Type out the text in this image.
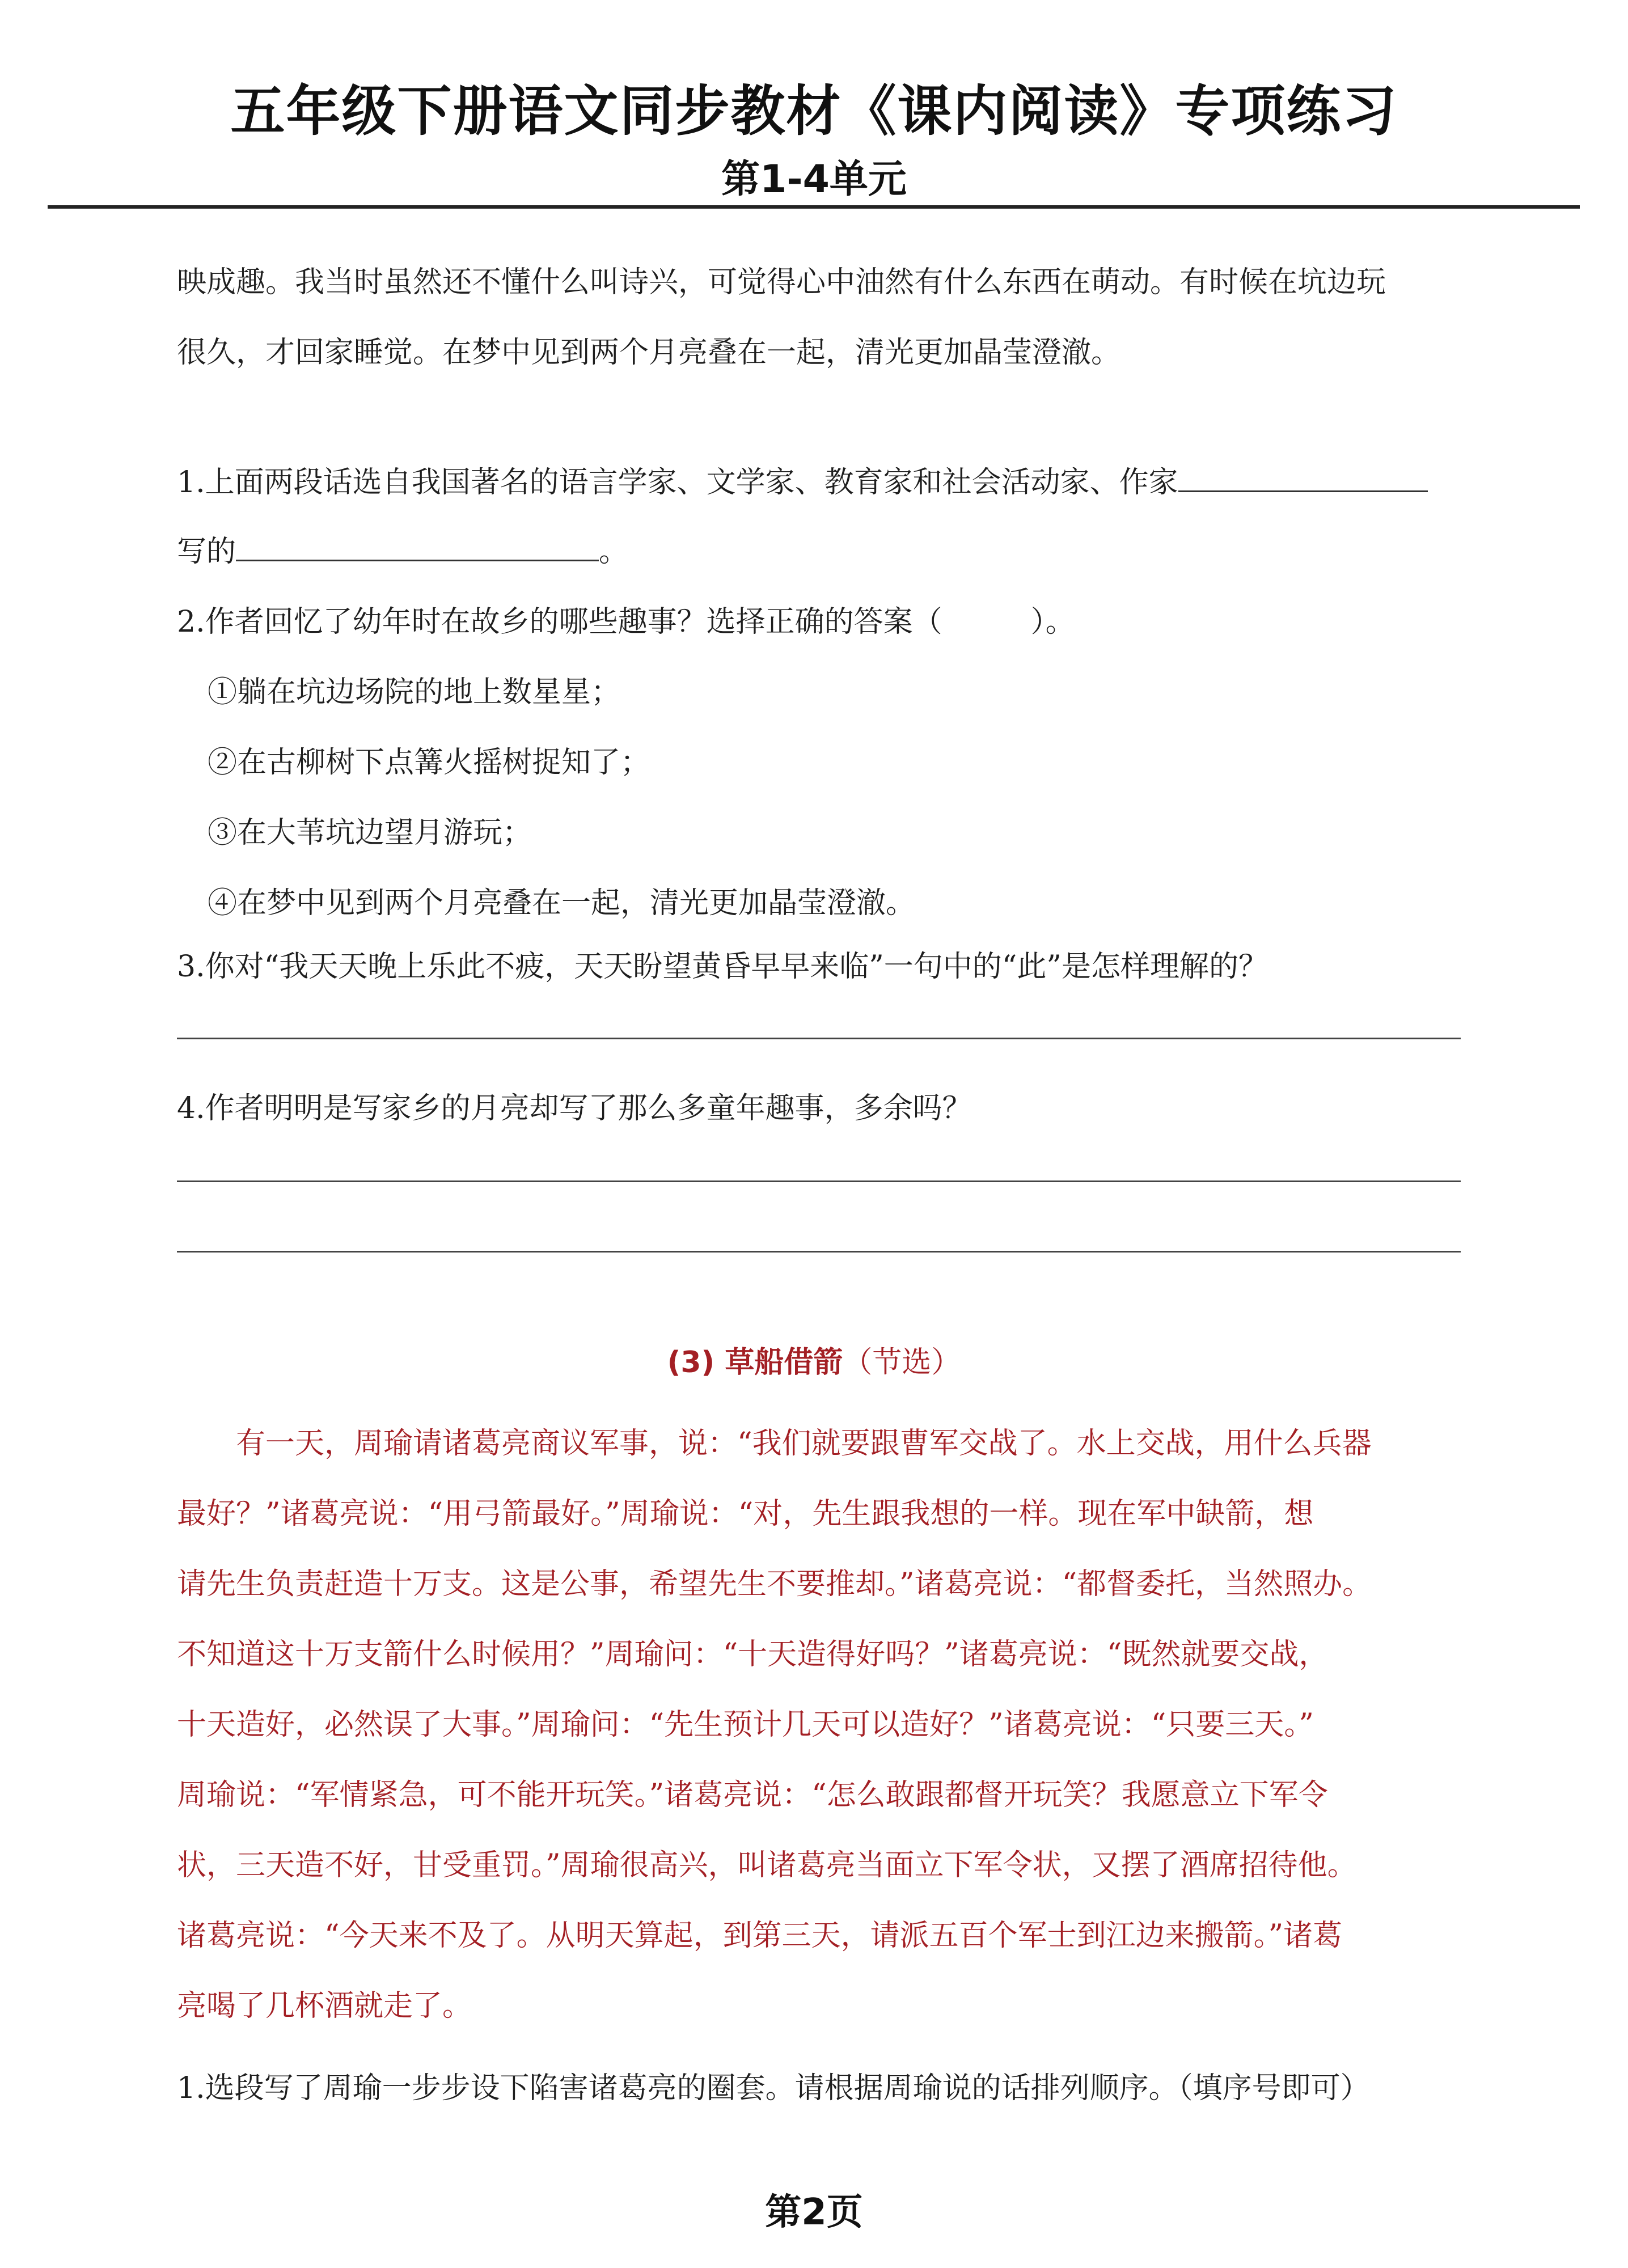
五年级下册语文同步教材《课内阅读》专项练习
第1-4单元
映成趣。我当时虽然还不懂什么叫诗兴，可觉得心中油然有什么东西在萌动。有时候在坑边玩
很久，才回家睡觉。在梦中见到两个月亮叠在一起，清光更加晶莹澄澈。
1.上面两段话选自我国著名的语言学家、文学家、教育家和社会活动家、作家
写的	。
2.作者回忆了幼年时在故乡的哪些趣事？选择正确的答案（　　　）。
①躺在坑边场院的地上数星星；
②在古柳树下点篝火摇树捉知了；
③在大苇坑边望月游玩；
④在梦中见到两个月亮叠在一起，清光更加晶莹澄澈。
3.你对“我天天晚上乐此不疲，天天盼望黄昏早早来临”一句中的“此”是怎样理解的？
4.作者明明是写家乡的月亮却写了那么多童年趣事，多余吗？
(3) 草船借箭（节选）
有一天，周瑜请诸葛亮商议军事，说：“我们就要跟曹军交战了。水上交战，用什么兵器
最好？”诸葛亮说：“用弓箭最好。”周瑜说：“对，先生跟我想的一样。现在军中缺箭，想
请先生负责赶造十万支。这是公事，希望先生不要推却。”诸葛亮说：“都督委托，当然照办。
不知道这十万支箭什么时候用？”周瑜问：“十天造得好吗？”诸葛亮说：“既然就要交战，
十天造好，必然误了大事。”周瑜问：“先生预计几天可以造好？”诸葛亮说：“只要三天。”
周瑜说：“军情紧急，可不能开玩笑。”诸葛亮说：“怎么敢跟都督开玩笑？我愿意立下军令
状，三天造不好，甘受重罚。”周瑜很高兴，叫诸葛亮当面立下军令状，又摆了酒席招待他。
诸葛亮说：“今天来不及了。从明天算起，到第三天，请派五百个军士到江边来搬箭。”诸葛
亮喝了几杯酒就走了。
1.选段写了周瑜一步步设下陷害诸葛亮的圈套。请根据周瑜说的话排列顺序。（填序号即可）
第2页
